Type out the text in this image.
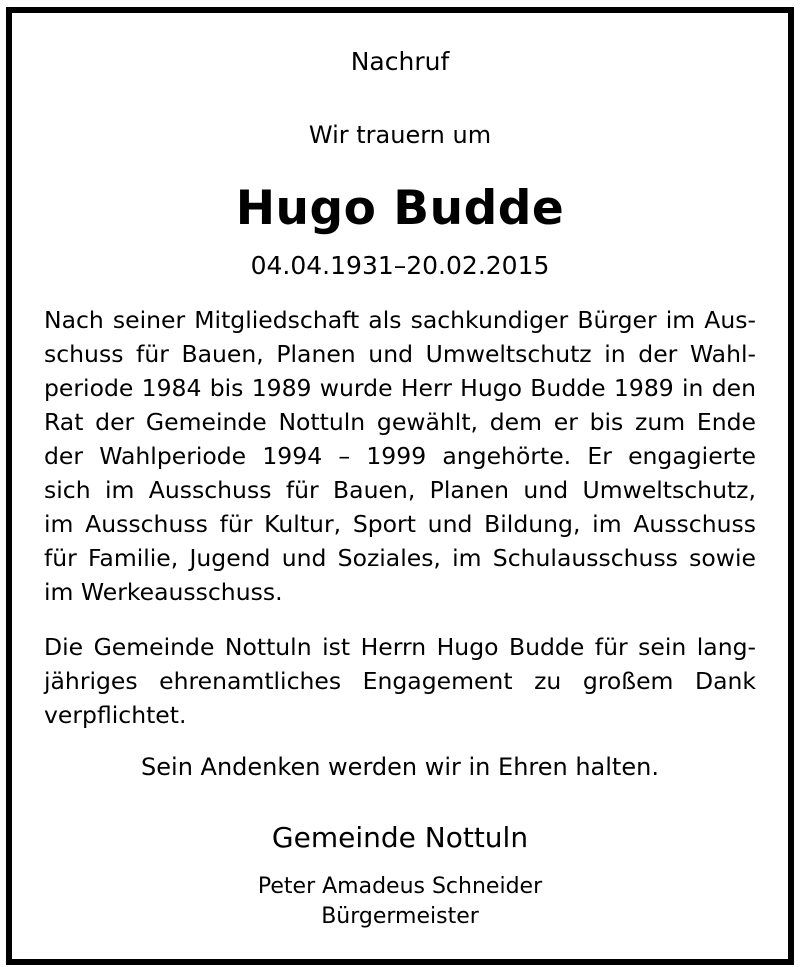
Nachruf
Wir trauern um
Hugo Budde
04.04.1931–20.02.2015
Nach seiner Mitgliedschaft als sachkundiger Bürger im Aus-
schuss für Bauen, Planen und Umweltschutz in der Wahl-
periode 1984 bis 1989 wurde Herr Hugo Budde 1989 in den
Rat der Gemeinde Nottuln gewählt, dem er bis zum Ende
der Wahlperiode 1994 – 1999 angehörte. Er engagierte
sich im Ausschuss für Bauen, Planen und Umweltschutz,
im Ausschuss für Kultur, Sport und Bildung, im Ausschuss
für Familie, Jugend und Soziales, im Schulausschuss sowie
im Werkeausschuss.
Die Gemeinde Nottuln ist Herrn Hugo Budde für sein lang-
jähriges ehrenamtliches Engagement zu großem Dank
verpflichtet.
Sein Andenken werden wir in Ehren halten.
Gemeinde Nottuln
Peter Amadeus Schneider
Bürgermeister
